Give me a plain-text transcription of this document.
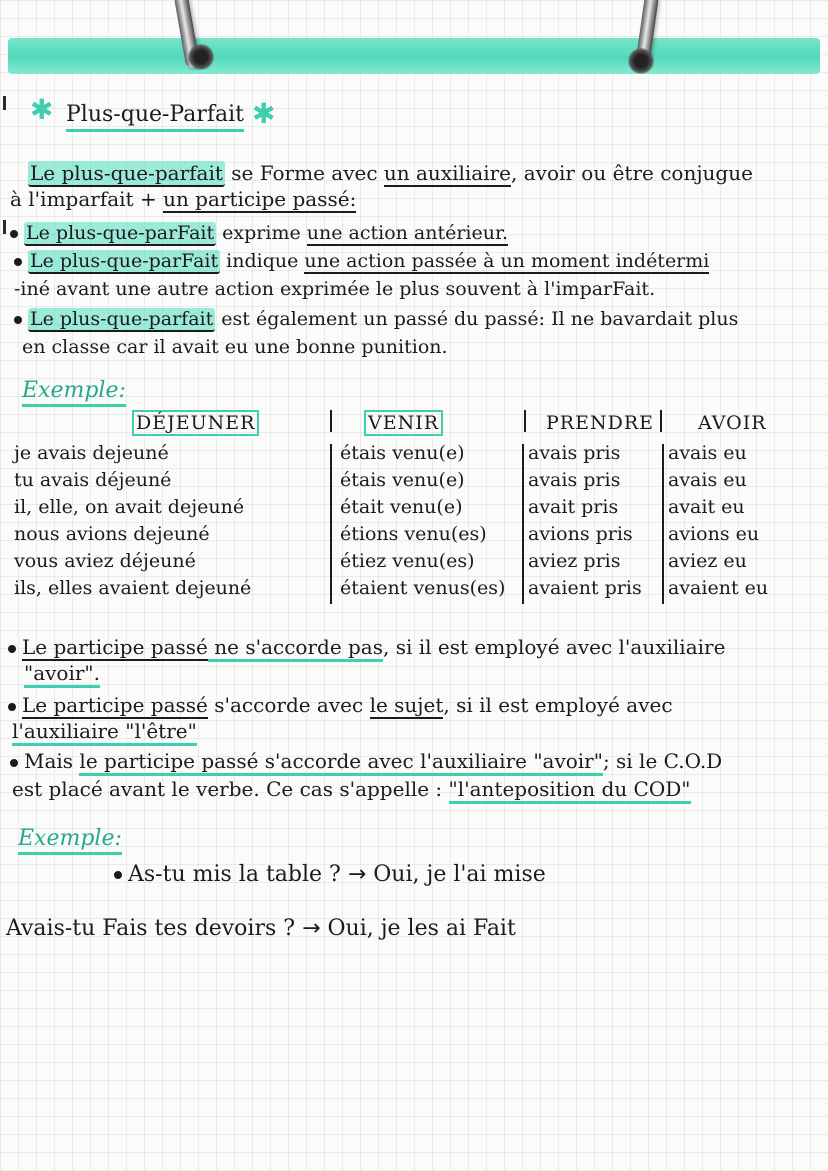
✱ Plus-que-Parfait ✱
Le plus-que-parfait se Forme avec un auxiliaire, avoir ou être conjugue
à l'imparfait + un participe passé:
Le plus-que-parFait exprime une action antérieur.
Le plus-que-parFait indique une action passée à un moment indétermi
-iné avant une autre action exprimée le plus souvent à l'imparFait.
Le plus-que-parfait est également un passé du passé: Il ne bavardait plus
en classe car il avait eu une bonne punition.
Exemple:
DÉJEUNER	VENIR	PRENDRE AVOIR
je avais dejeuné
tu avais déjeuné
il, elle, on avait dejeuné
nous avions dejeuné
vous aviez déjeuné
ils, elles avaient dejeuné
étais venu(e)
étais venu(e)
était venu(e)
étions venu(es)
étiez venu(es)
étaient venus(es)
avais pris
avais pris
avait pris
avions pris
aviez pris
avaient pris
avais eu
avais eu
avait eu
avions eu
aviez eu
avaient eu
Le participe passé ne s'accorde pas, si il est employé avec l'auxiliaire
"avoir".
Le participe passé s'accorde avec le sujet, si il est employé avec
l'auxiliaire "l'être"
Mais le participe passé s'accorde avec l'auxiliaire "avoir"; si le C.O.D
est placé avant le verbe. Ce cas s'appelle : "l'anteposition du COD"
Exemple:
As-tu mis la table ? → Oui, je l'ai mise
Avais-tu Fais tes devoirs ? → Oui, je les ai Fait
